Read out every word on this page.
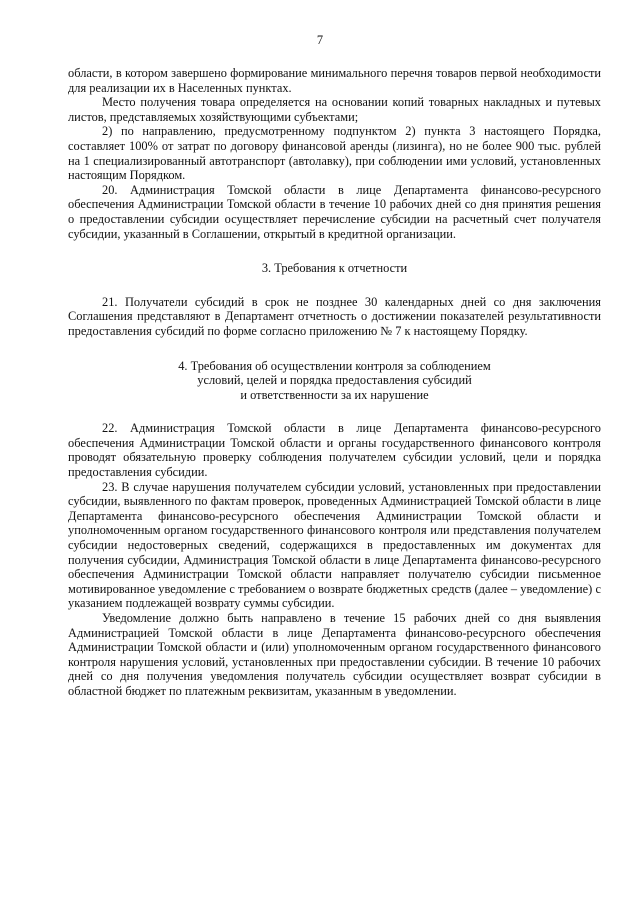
7

области, в котором завершено формирование минимального перечня товаров первой необходимости для реализации их в Населенных пунктах.

Место получения товара определяется на основании копий товарных накладных и путевых листов, представляемых хозяйствующими субъектами;

2) по направлению, предусмотренному подпунктом 2) пункта 3 настоящего Порядка, составляет 100% от затрат по договору финансовой аренды (лизинга), но не более 900 тыс. рублей на 1 специализированный автотранспорт (автолавку), при соблюдении ими условий, установленных настоящим Порядком.

20. Администрация Томской области в лице Департамента финансово-ресурсного обеспечения Администрации Томской области в течение 10 рабочих дней со дня принятия решения о предоставлении субсидии осуществляет перечисление субсидии на расчетный счет получателя субсидии, указанный в Соглашении, открытый в кредитной организации.

3. Требования к отчетности

21. Получатели субсидий в срок не позднее 30 календарных дней со дня заключения Соглашения представляют в Департамент отчетность о достижении показателей результативности предоставления субсидий по форме согласно приложению № 7 к настоящему Порядку.

4. Требования об осуществлении контроля за соблюдением

условий, целей и порядка предоставления субсидий

и ответственности за их нарушение

22. Администрация Томской области в лице Департамента финансово-ресурсного обеспечения Администрации Томской области и органы государственного финансового контроля проводят обязательную проверку соблюдения получателем субсидии условий, цели и порядка предоставления субсидии.

23. В случае нарушения получателем субсидии условий, установленных при предоставлении субсидии, выявленного по фактам проверок, проведенных Администрацией Томской области в лице Департамента финансово-ресурсного обеспечения Администрации Томской области и уполномоченным органом государственного финансового контроля или представления получателем субсидии недостоверных сведений, содержащихся в предоставленных им документах для получения субсидии, Администрация Томской области в лице Департамента финансово-ресурсного обеспечения Администрации Томской области направляет получателю субсидии письменное мотивированное уведомление с требованием о возврате бюджетных средств (далее – уведомление) с указанием подлежащей возврату суммы субсидии.

Уведомление должно быть направлено в течение 15 рабочих дней со дня выявления Администрацией Томской области в лице Департамента финансово-ресурсного обеспечения Администрации Томской области и (или) уполномоченным органом государственного финансового контроля нарушения условий, установленных при предоставлении субсидии. В течение 10 рабочих дней со дня получения уведомления получатель субсидии осуществляет возврат субсидии в областной бюджет по платежным реквизитам, указанным в уведомлении.
